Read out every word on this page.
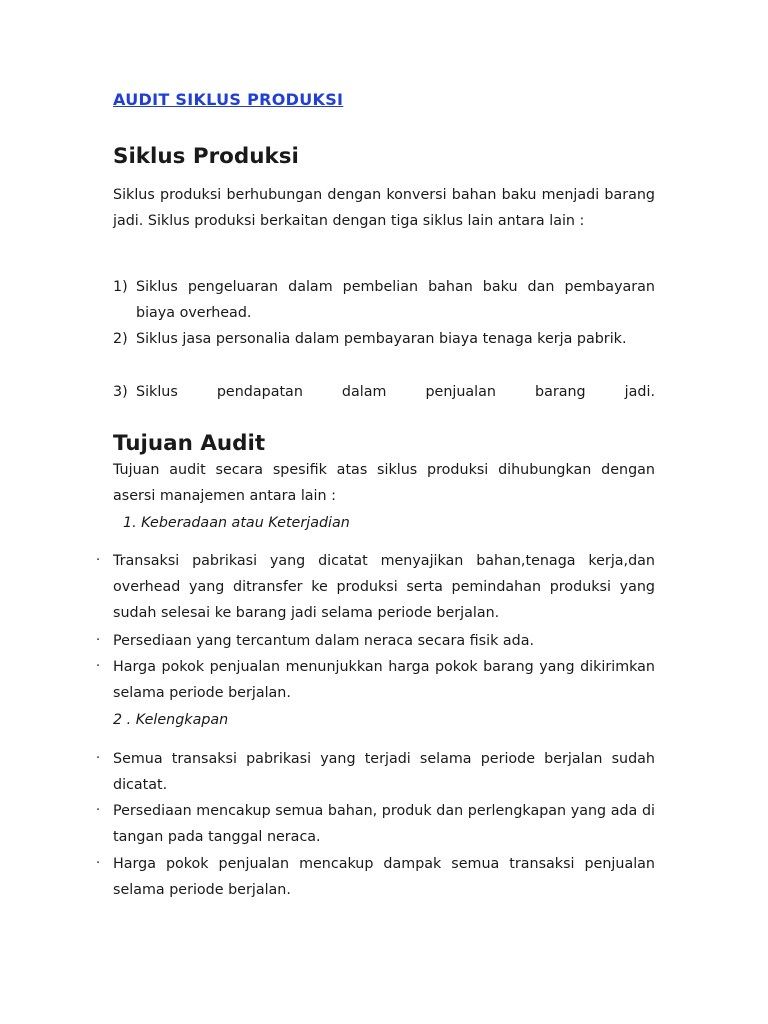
AUDIT SIKLUS PRODUKSI
Siklus Produksi

Siklus produksi berhubungan dengan konversi bahan baku menjadi barang jadi. Siklus produksi berkaitan dengan tiga siklus lain antara lain :

1) Siklus pengeluaran dalam pembelian bahan baku dan pembayaran biaya overhead.
2) Siklus jasa personalia dalam pembayaran biaya tenaga kerja pabrik.
3) Siklus pendapatan dalam penjualan barang jadi.
Tujuan Audit

Tujuan audit secara spesifik atas siklus produksi dihubungkan dengan asersi manajemen antara lain :

1. Keberadaan atau Keterjadian

· Transaksi pabrikasi yang dicatat menyajikan bahan,tenaga kerja,dan overhead yang ditransfer ke produksi serta pemindahan produksi yang sudah selesai ke barang jadi selama periode berjalan.
· Persediaan yang tercantum dalam neraca secara fisik ada.
· Harga pokok penjualan menunjukkan harga pokok barang yang dikirimkan selama periode berjalan.

2 . Kelengkapan

· Semua transaksi pabrikasi yang terjadi selama periode berjalan sudah dicatat.
· Persediaan mencakup semua bahan, produk dan perlengkapan yang ada di tangan pada tanggal neraca.
· Harga pokok penjualan mencakup dampak semua transaksi penjualan selama periode berjalan.
